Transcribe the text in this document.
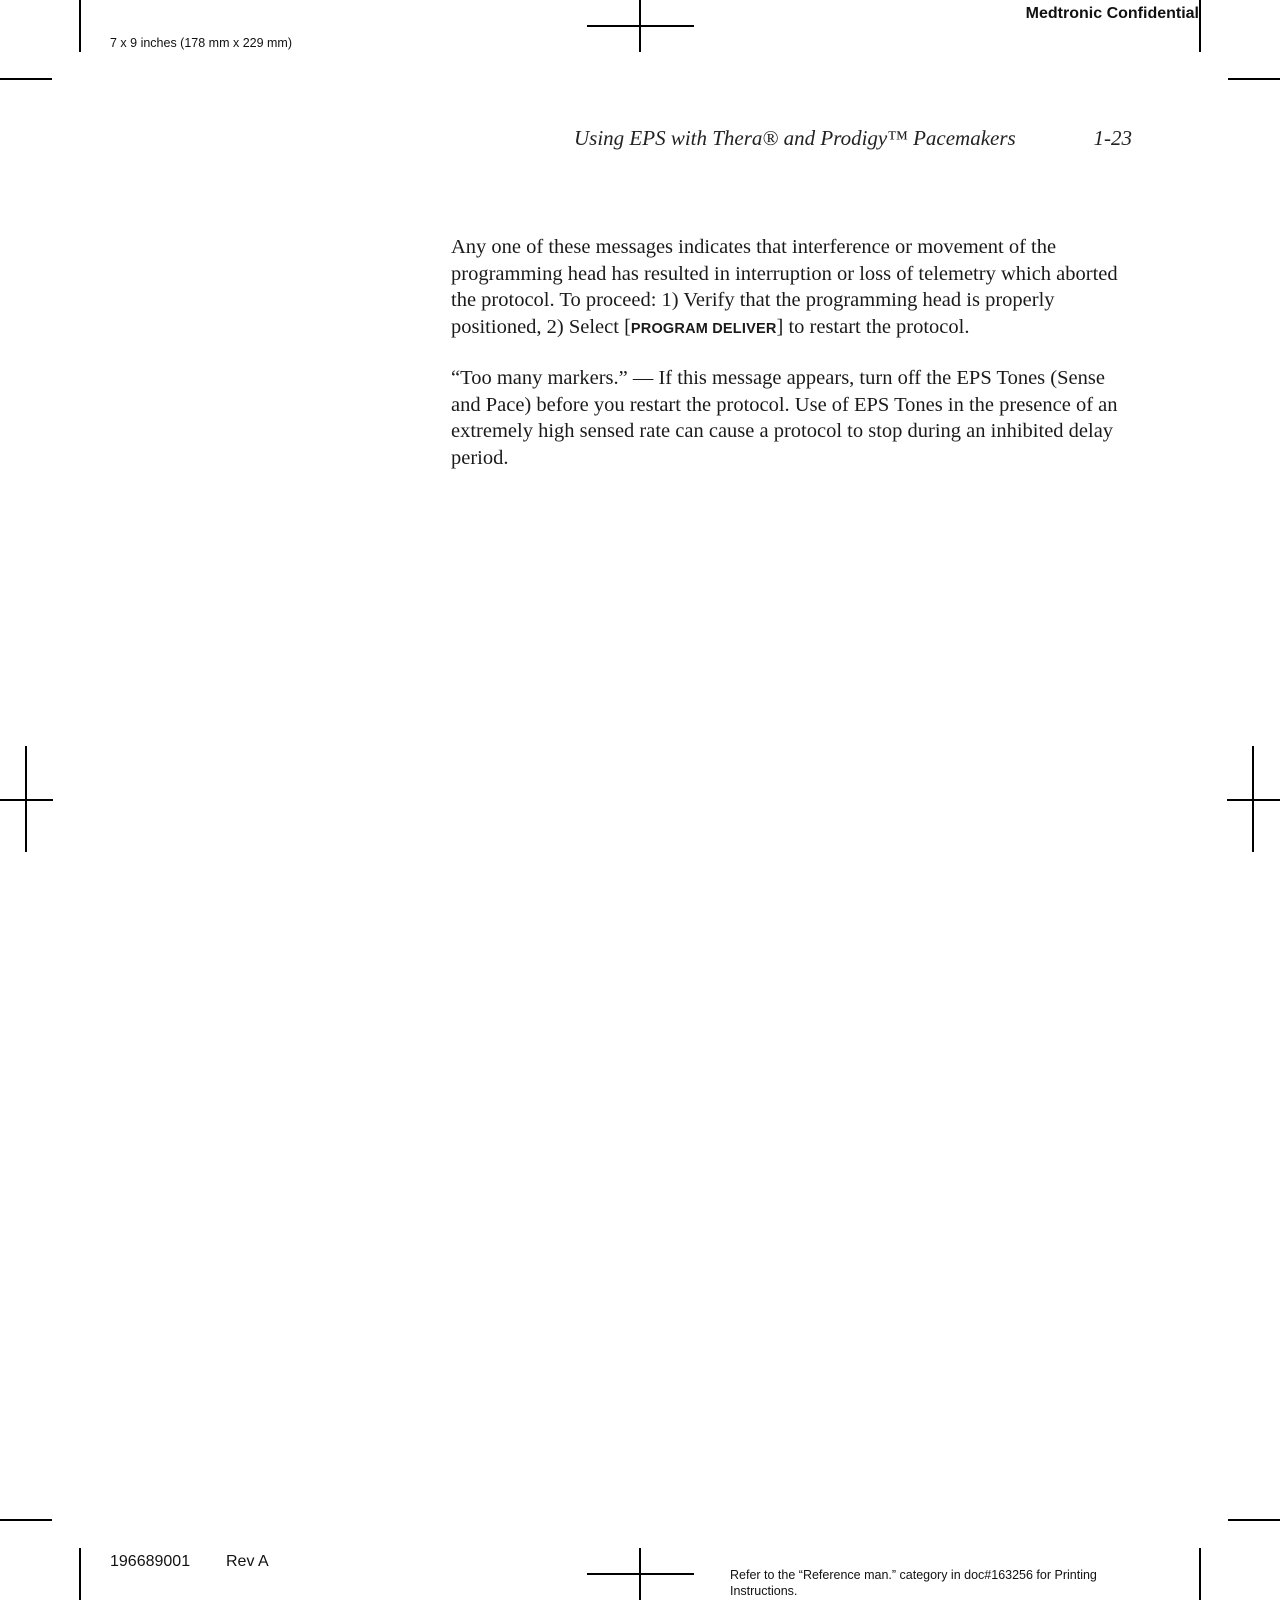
Medtronic Confidential
7 x 9 inches (178 mm x 229 mm)
Using EPS with Thera® and Prodigy™ Pacemakers	1-23

Any one of these messages indicates that interference or movement of the programming head has resulted in interruption or loss of telemetry which aborted the protocol. To proceed: 1) Verify that the programming head is properly positioned, 2) Select [PROGRAM DELIVER] to restart the protocol.

“Too many markers.” — If this message appears, turn off the EPS Tones (Sense and Pace) before you restart the protocol. Use of EPS Tones in the presence of an extremely high sensed rate can cause a protocol to stop during an inhibited delay period.

196689001 Rev A
Refer to the “Reference man.” category in doc#163256 for Printing Instructions.
